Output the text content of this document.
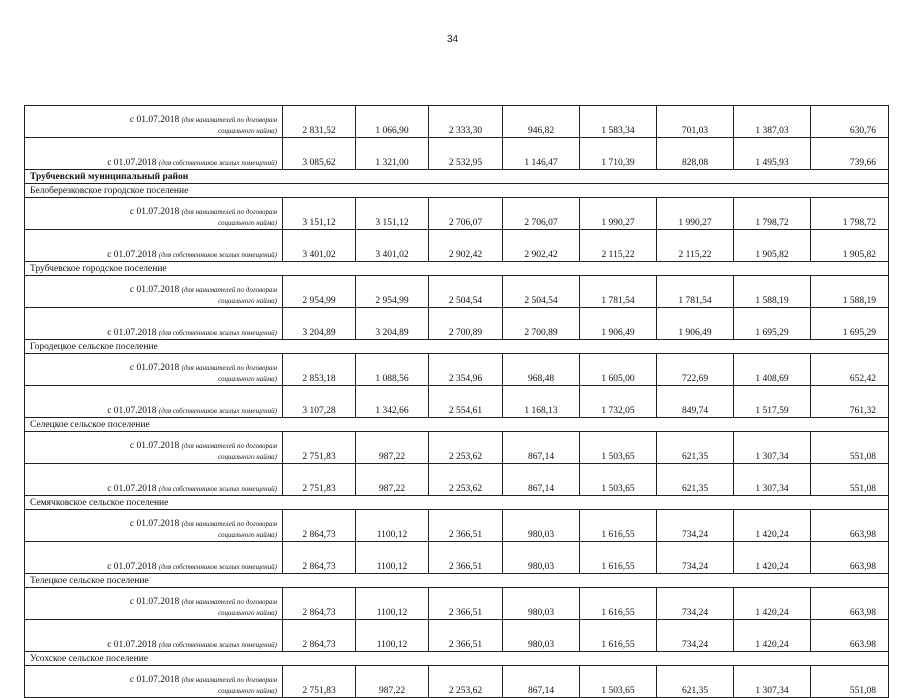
34
с 01.07.2018 (для нанимателей по договорам
социального найма)	2 831,52	1 066,90	2 333,30	946,82	1 583,34	701,03	1 387,03	630,76
с 01.07.2018 (для собственников жилых помещений)	3 085,62	1 321,00	2 532,95	1 146,47	1 710,39	828,08	1 495,93	739,66
Трубчевский муниципальный район								
Белоберезковское городское поселение								
с 01.07.2018 (для нанимателей по договорам
социального найма)	3 151,12	3 151,12	2 706,07	2 706,07	1 990,27	1 990,27	1 798,72	1 798,72
с 01.07.2018 (для собственников жилых помещений)	3 401,02	3 401,02	2 902,42	2 902,42	2 115,22	2 115,22	1 905,82	1 905,82
Трубчевское городское поселение								
с 01.07.2018 (для нанимателей по договорам
социального найма)	2 954,99	2 954,99	2 504,54	2 504,54	1 781,54	1 781,54	1 588,19	1 588,19
с 01.07.2018 (для собственников жилых помещений)	3 204,89	3 204,89	2 700,89	2 700,89	1 906,49	1 906,49	1 695,29	1 695,29
Городецкое сельское поселение								
с 01.07.2018 (для нанимателей по договорам
социального найма)	2 853,18	1 088,56	2 354,96	968,48	1 605,00	722,69	1 408,69	652,42
с 01.07.2018 (для собственников жилых помещений)	3 107,28	1 342,66	2 554,61	1 168,13	1 732,05	849,74	1 517,59	761,32
Селецкое сельское поселение								
с 01.07.2018 (для нанимателей по договорам
социального найма)	2 751,83	987,22	2 253,62	867,14	1 503,65	621,35	1 307,34	551,08
с 01.07.2018 (для собственников жилых помещений)	2 751,83	987,22	2 253,62	867,14	1 503,65	621,35	1 307,34	551,08
Семячковское сельское поселение								
с 01.07.2018 (для нанимателей по договорам
социального найма)	2 864,73	1100,12	2 366,51	980,03	1 616,55	734,24	1 420,24	663,98
с 01.07.2018 (для собственников жилых помещений)	2 864,73	1100,12	2 366,51	980,03	1 616,55	734,24	1 420,24	663,98
Телецкое сельское поселение								
с 01.07.2018 (для нанимателей по договорам
социального найма)	2 864,73	1100,12	2 366,51	980,03	1 616,55	734,24	1 420,24	663,98
с 01.07.2018 (для собственников жилых помещений)	2 864,73	1100,12	2 366,51	980,03	1 616,55	734,24	1 420,24	663.98
Усохское сельское поселение								
с 01.07.2018 (для нанимателей по договорам
социального найма)	2 751,83	987,22	2 253,62	867,14	1 503,65	621,35	1 307,34	551,08
